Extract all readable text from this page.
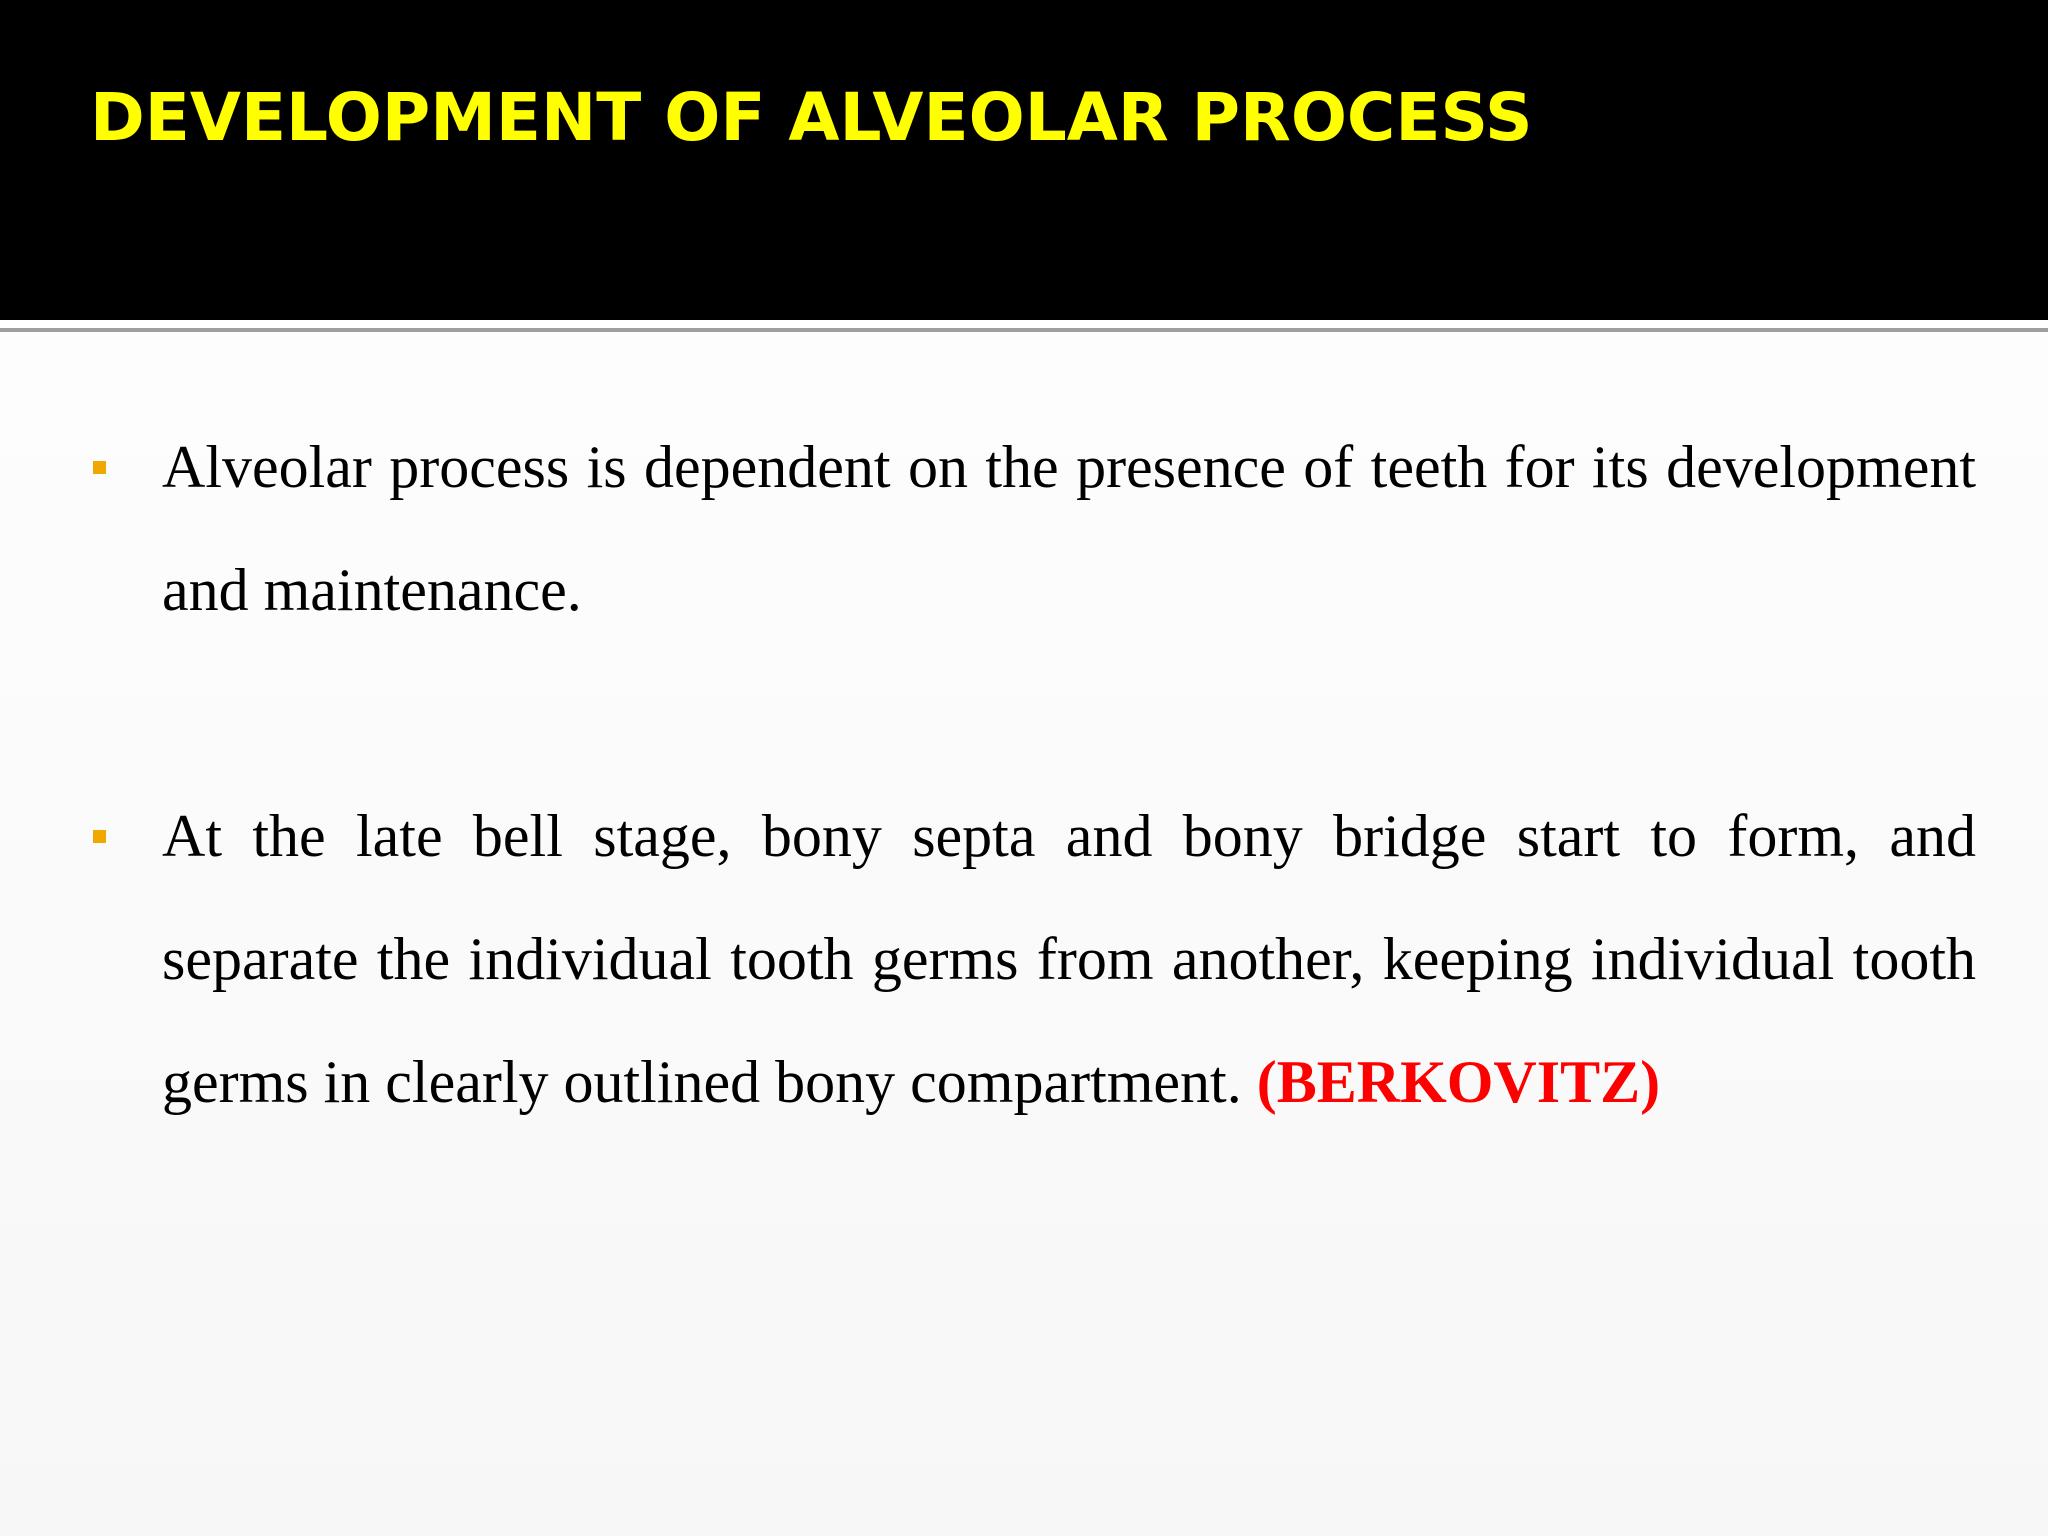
DEVELOPMENT OF ALVEOLAR PROCESS

Alveolar process is dependent on the presence of teeth for its development and maintenance.

At the late bell stage, bony septa and bony bridge start to form, and separate the individual tooth germs from another, keeping individual tooth germs in clearly outlined bony compartment. (BERKOVITZ)
